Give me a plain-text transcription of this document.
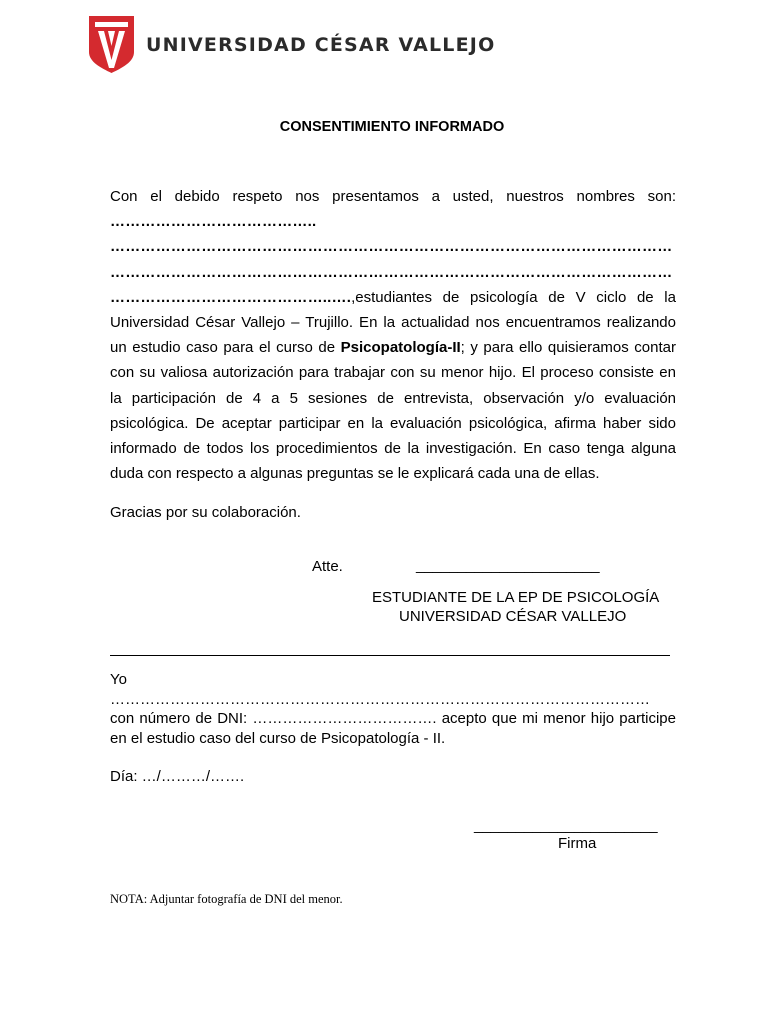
UNIVERSIDAD CÉSAR VALLEJO
CONSENTIMIENTO INFORMADO
Con el debido respeto nos presentamos a usted, nuestros nombres son:
…………………………………..
…………………………………………………………………………………………………
…………………………………………………………………………………………………
……………………………………..….,estudiantes de psicología de V ciclo de la Universidad César Vallejo – Trujillo. En la actualidad nos encuentramos realizando un estudio caso para el curso de Psicopatología-II; y para ello quisieramos contar con su valiosa autorización para trabajar con su menor hijo. El proceso consiste en la participación de 4 a 5 sesiones de entrevista, observación y/o evaluación psicológica. De aceptar participar en la evaluación psicológica, afirma haber sido informado de todos los procedimientos de la investigación. En caso tenga alguna duda con respecto a algunas preguntas se le explicará cada una de ellas.
Gracias por su colaboración.
Atte.	______________________
ESTUDIANTE DE LA EP DE PSICOLOGÍA
UNIVERSIDAD CÉSAR VALLEJO
Yo
………………………………………………………………………………………………
con número de DNI: ………………………………. acepto que mi menor hijo participe en el estudio caso del curso de Psicopatología - II.
Día: …/………/…….
______________________
Firma
NOTA: Adjuntar fotografía de DNI del menor.
